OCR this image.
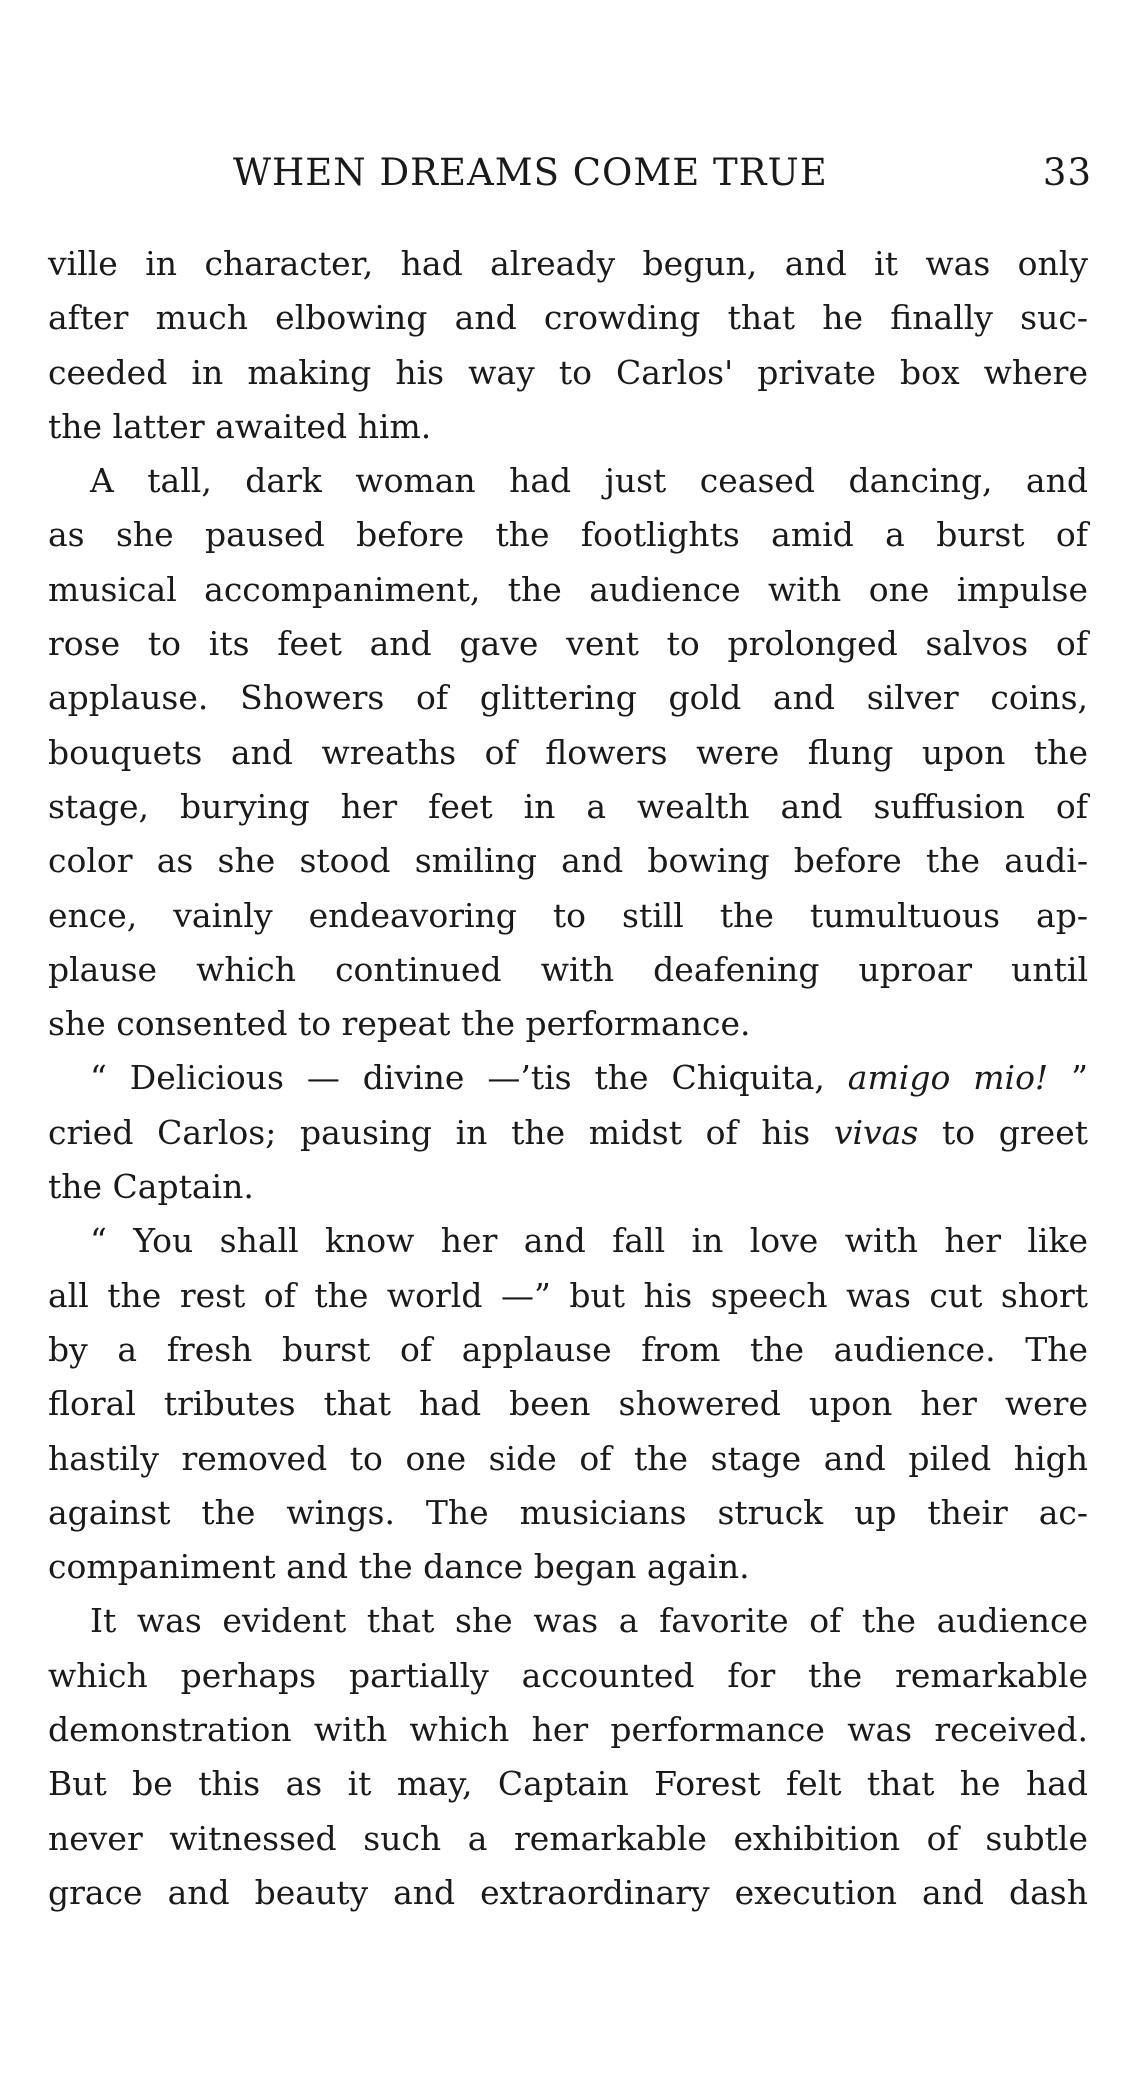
WHEN DREAMS COME TRUE	33
ville in character, had already begun, and it was only
after much elbowing and crowding that he finally suc-
ceeded in making his way to Carlos' private box where
the latter awaited him.
A tall, dark woman had just ceased dancing, and
as she paused before the footlights amid a burst of
musical accompaniment, the audience with one impulse
rose to its feet and gave vent to prolonged salvos of
applause. Showers of glittering gold and silver coins,
bouquets and wreaths of flowers were flung upon the
stage, burying her feet in a wealth and suffusion of
color as she stood smiling and bowing before the audi-
ence, vainly endeavoring to still the tumultuous ap-
plause which continued with deafening uproar until
she consented to repeat the performance.
“ Delicious — divine —’tis the Chiquita, amigo mio! ”
cried Carlos; pausing in the midst of his vivas to greet
the Captain.
“ You shall know her and fall in love with her like
all the rest of the world —” but his speech was cut short
by a fresh burst of applause from the audience. The
floral tributes that had been showered upon her were
hastily removed to one side of the stage and piled high
against the wings. The musicians struck up their ac-
companiment and the dance began again.
It was evident that she was a favorite of the audience
which perhaps partially accounted for the remarkable
demonstration with which her performance was received.
But be this as it may, Captain Forest felt that he had
never witnessed such a remarkable exhibition of subtle
grace and beauty and extraordinary execution and dash
